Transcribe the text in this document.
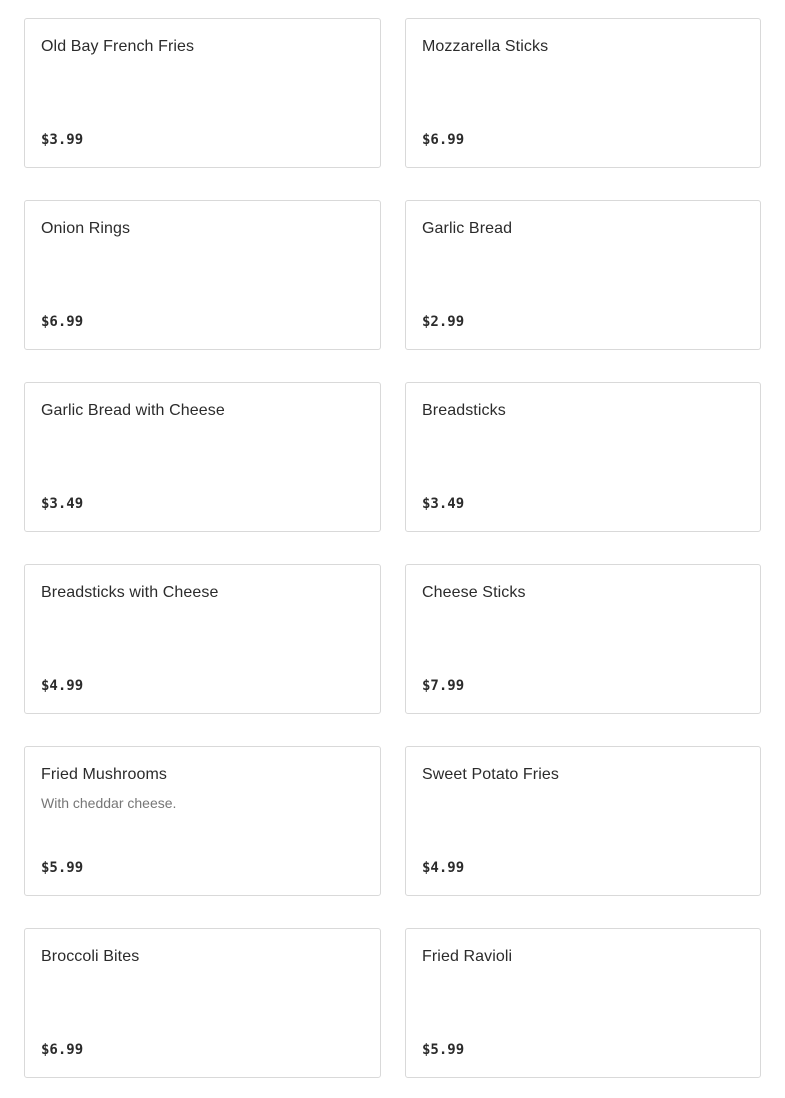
Old Bay French Fries
$3.99
Mozzarella Sticks
$6.99
Onion Rings
$6.99
Garlic Bread
$2.99
Garlic Bread with Cheese
$3.49
Breadsticks
$3.49
Breadsticks with Cheese
$4.99
Cheese Sticks
$7.99
Fried Mushrooms
With cheddar cheese.
$5.99
Sweet Potato Fries
$4.99
Broccoli Bites
$6.99
Fried Ravioli
$5.99
